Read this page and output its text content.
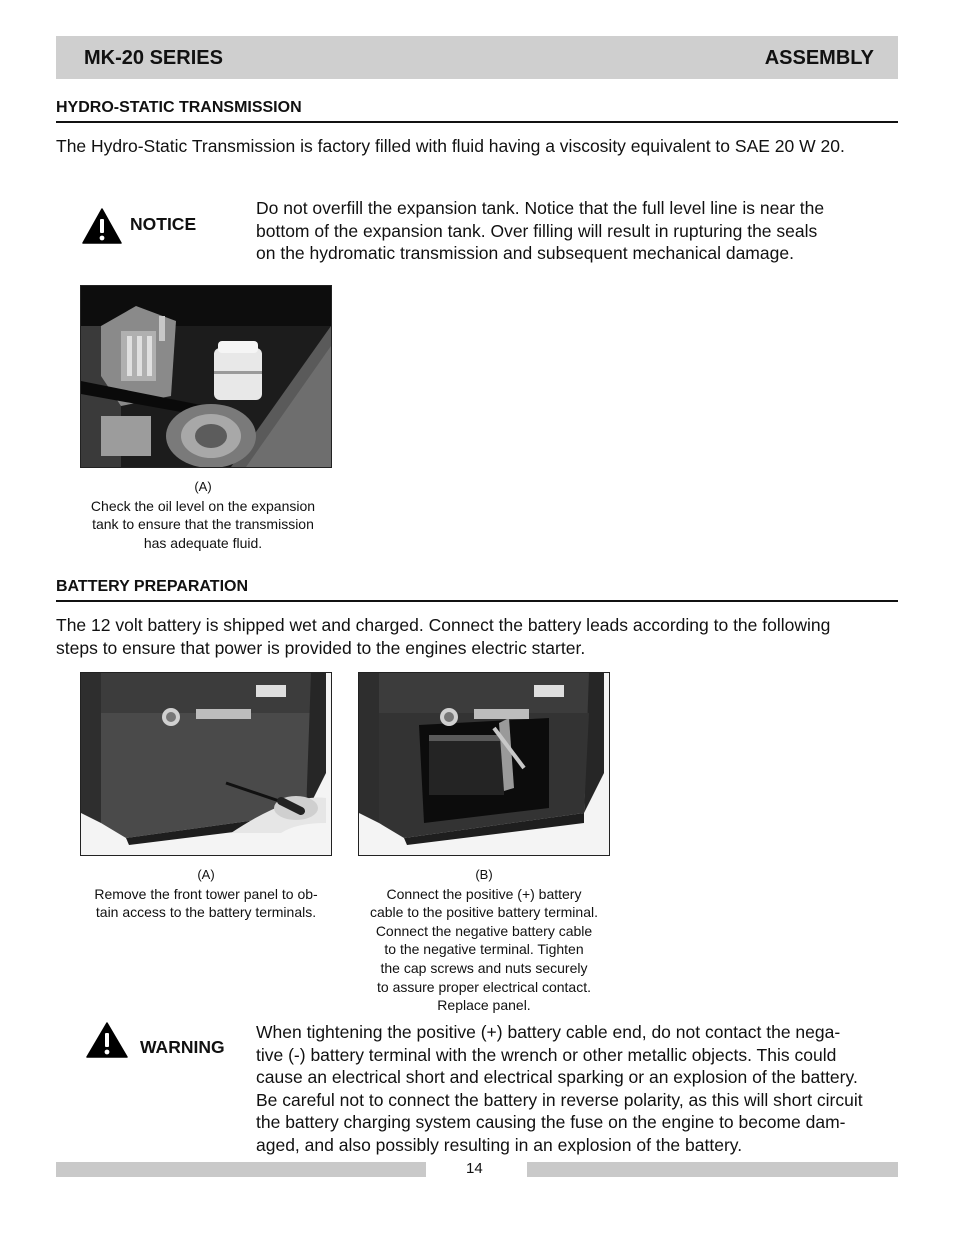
MK-20 SERIES	ASSEMBLY
HYDRO-STATIC TRANSMISSION
The Hydro-Static Transmission is factory filled with fluid having a viscosity equivalent to SAE 20 W 20.
NOTICE
Do not overfill the expansion tank. Notice that the full level line is near the
bottom of the expansion tank. Over filling will result in rupturing the seals
on the hydromatic transmission and subsequent mechanical damage.
(A)
Check the oil level on the expansion
tank to ensure that the transmission
has adequate fluid.
BATTERY PREPARATION
The 12 volt battery is shipped wet and charged. Connect the battery leads according to the following
steps to ensure that power is provided to the engines electric starter.
(A)
Remove the front tower panel to ob-
tain access to the battery terminals.
(B)
Connect the positive (+) battery
cable to the positive battery terminal.
Connect the negative battery cable
to the negative terminal. Tighten
the cap screws and nuts securely
to assure proper electrical contact.
Replace panel.
WARNING
When tightening the positive (+) battery cable end, do not contact the nega-
tive (-) battery terminal with the wrench or other metallic objects. This could
cause an electrical short and electrical sparking or an explosion of the battery.
Be careful not to connect the battery in reverse polarity, as this will short circuit
the battery charging system causing the fuse on the engine to become dam-
aged, and also possibly resulting in an explosion of the battery.
14
